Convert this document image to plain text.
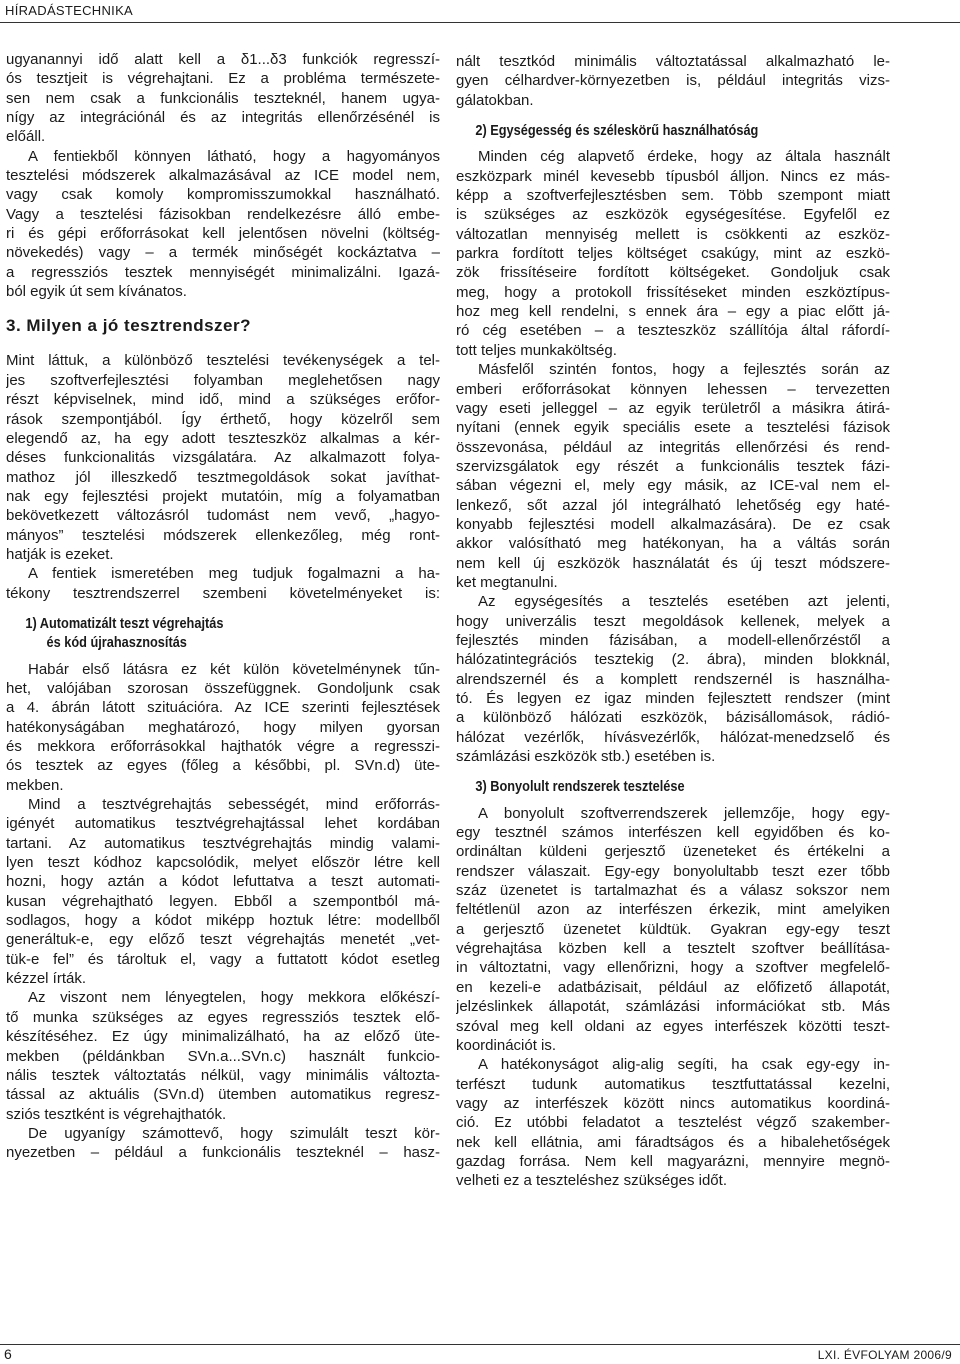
HÍRADÁSTECHNIKA
ugyanannyi idő alatt kell a δ1...δ3 funkciók regresszí-
ós tesztjeit is végrehajtani. Ez a probléma természete-
sen nem csak a funkcionális teszteknél, hanem ugya-
nígy az integrációnál és az integritás ellenőrzésénél is
előáll.
A fentiekből könnyen látható, hogy a hagyományos
tesztelési módszerek alkalmazásával az ICE model nem,
vagy csak komoly kompromisszumokkal használható.
Vagy a tesztelési fázisokban rendelkezésre álló embe-
ri és gépi erőforrásokat kell jelentősen növelni (költség-
növekedés) vagy – a termék minőségét kockáztatva –
a regressziós tesztek mennyiségét minimalizálni. Igazá-
ból egyik út sem kívánatos.
3. Milyen a jó tesztrendszer?
Mint láttuk, a különböző tesztelési tevékenységek a tel-
jes szoftverfejlesztési folyamban meglehetősen nagy
részt képviselnek, mind idő, mind a szükséges erőfor-
rások szempontjából. Így érthető, hogy közelről sem
elegendő az, ha egy adott teszteszköz alkalmas a kér-
déses funkcionalitás vizsgálatára. Az alkalmazott folya-
mathoz jól illeszkedő tesztmegoldások sokat javíthat-
nak egy fejlesztési projekt mutatóin, míg a folyamatban
bekövetkezett változásról tudomást nem vevő, „hagyo-
mányos” tesztelési módszerek ellenkezőleg, még ront-
hatják is ezeket.
A fentiek ismeretében meg tudjuk fogalmazni a ha-
tékony tesztrendszerrel szembeni követelményeket is:
1) Automatizált teszt végrehajtás
és kód újrahasznosítás
Habár első látásra ez két külön követelménynek tűn-
het, valójában szorosan összefüggnek. Gondoljunk csak
a 4. ábrán látott szituációra. Az ICE szerinti fejlesztések
hatékonyságában meghatározó, hogy milyen gyorsan
és mekkora erőforrásokkal hajthatók végre a regresszi-
ós tesztek az egyes (főleg a későbbi, pl. SVn.d) üte-
mekben.
Mind a tesztvégrehajtás sebességét, mind erőforrás-
igényét automatikus tesztvégrehajtással lehet kordában
tartani. Az automatikus tesztvégrehajtás mindig valami-
lyen teszt kódhoz kapcsolódik, melyet először létre kell
hozni, hogy aztán a kódot lefuttatva a teszt automati-
kusan végrehajtható legyen. Ebből a szempontból má-
sodlagos, hogy a kódot miképp hoztuk létre: modellből
generáltuk-e, egy előző teszt végrehajtás menetét „vet-
tük-e fel” és tároltuk el, vagy a futtatott kódot esetleg
kézzel írták.
Az viszont nem lényegtelen, hogy mekkora előkészí-
tő munka szükséges az egyes regressziós tesztek elő-
készítéséhez. Ez úgy minimalizálható, ha az előző üte-
mekben (példánkban SVn.a...SVn.c) használt funkcio-
nális tesztek változtatás nélkül, vagy minimális változta-
tással az aktuális (SVn.d) ütemben automatikus regresz-
sziós tesztként is végrehajthatók.
De ugyanígy számottevő, hogy szimulált teszt kör-
nyezetben – például a funkcionális teszteknél – hasz-
nált tesztkód minimális változtatással alkalmazható le-
gyen célhardver-környezetben is, például integritás vizs-
gálatokban.
2) Egységesség és széleskörű használhatóság
Minden cég alapvető érdeke, hogy az általa használt
eszközpark minél kevesebb típusból álljon. Nincs ez más-
képp a szoftverfejlesztésben sem. Több szempont miatt
is szükséges az eszközök egységesítése. Egyfelől ez
változatlan mennyiség mellett is csökkenti az eszköz-
parkra fordított teljes költséget csakúgy, mint az eszkö-
zök frissítéseire fordított költségeket. Gondoljuk csak
meg, hogy a protokoll frissítéseket minden eszköztípus-
hoz meg kell rendelni, s ennek ára – egy a piac előtt já-
ró cég esetében – a teszteszköz szállítója által ráfordí-
tott teljes munkaköltség.
Másfelől szintén fontos, hogy a fejlesztés során az
emberi erőforrásokat könnyen lehessen – tervezetten
vagy eseti jelleggel – az egyik területről a másikra átirá-
nyítani (ennek egyik speciális esete a tesztelési fázisok
összevonása, például az integritás ellenőrzési és rend-
szervizsgálatok egy részét a funkcionális tesztek fázi-
sában végezni el, mely egy másik, az ICE-val nem el-
lenkező, sőt azzal jól integrálható lehetőség egy haté-
konyabb fejlesztési modell alkalmazására). De ez csak
akkor valósítható meg hatékonyan, ha a váltás során
nem kell új eszközök használatát és új teszt módszere-
ket megtanulni.
Az egységesítés a tesztelés esetében azt jelenti,
hogy univerzális teszt megoldások kellenek, melyek a
fejlesztés minden fázisában, a modell-ellenőrzéstől a
hálózatintegrációs tesztekig (2. ábra), minden blokknál,
alrendszernél és a komplett rendszernél is használha-
tó. És legyen ez igaz minden fejlesztett rendszer (mint
a különböző hálózati eszközök, bázisállomások, rádió-
hálózat vezérlők, hívásvezérlők, hálózat-menedzselő és
számlázási eszközök stb.) esetében is.
3) Bonyolult rendszerek tesztelése
A bonyolult szoftverrendszerek jellemzője, hogy egy-
egy tesztnél számos interfészen kell egyidőben és ko-
ordináltan küldeni gerjesztő üzeneteket és értékelni a
rendszer válaszait. Egy-egy bonyolultabb teszt ezer tőbb
száz üzenetet is tartalmazhat és a válasz sokszor nem
feltétlenül azon az interfészen érkezik, mint amelyiken
a gerjesztő üzenetet küldtük. Gyakran egy-egy teszt
végrehajtása közben kell a tesztelt szoftver beállítása-
in változtatni, vagy ellenőrizni, hogy a szoftver megfelelő-
en kezeli-e adatbázisait, például az előfizető állapotát,
jelzéslinkek állapotát, számlázási információkat stb. Más
szóval meg kell oldani az egyes interfészek közötti teszt-
koordinációt is.
A hatékonyságot alig-alig segíti, ha csak egy-egy in-
terfészt tudunk automatikus tesztfuttatással kezelni,
vagy az interfészek között nincs automatikus koordiná-
ció. Ez utóbbi feladatot a tesztelést végző szakember-
nek kell ellátnia, ami fáradtságos és a hibalehetőségek
gazdag forrása. Nem kell magyarázni, mennyire megnö-
velheti ez a teszteléshez szükséges időt.
6	LXI. ÉVFOLYAM 2006/9
